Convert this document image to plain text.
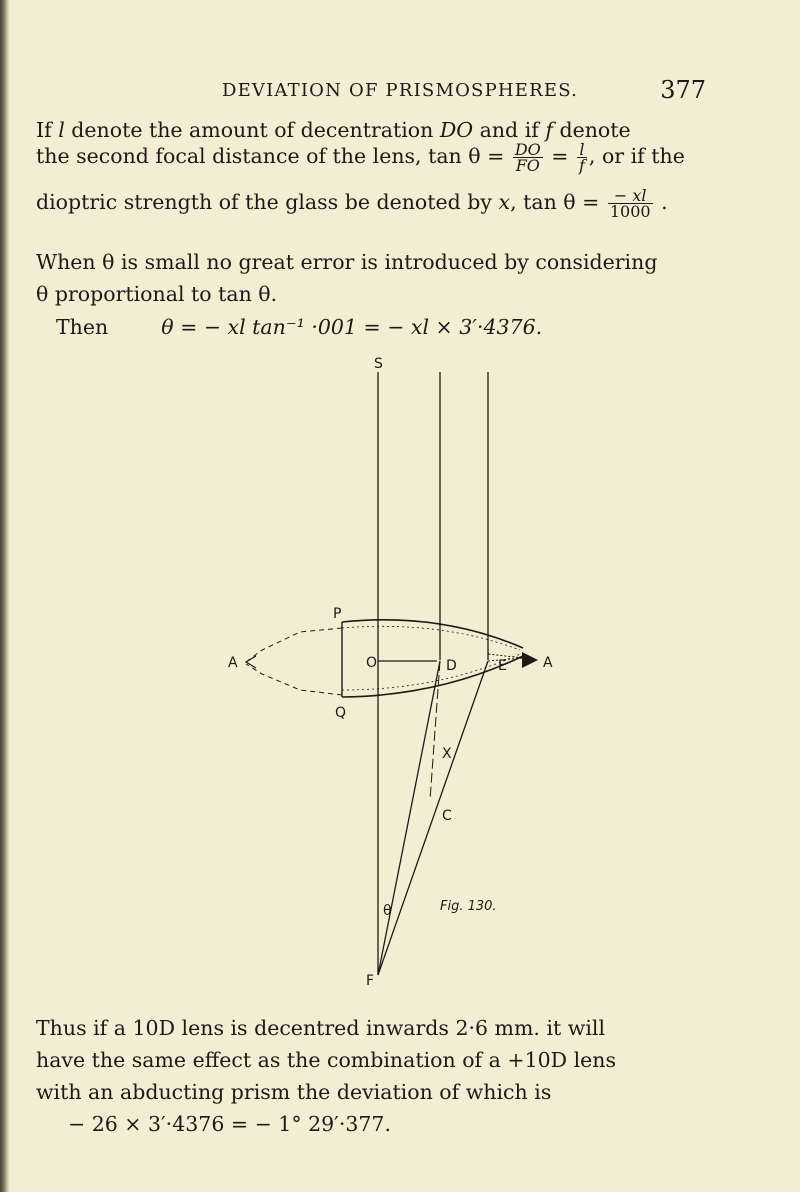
DEVIATION OF PRISMOSPHERES.	377
If l denote the amount of decentration DO and if f denote
the second focal distance of the lens, $\tan \theta = \frac{DO}{FO} = \frac{l}{f}$ , or if the
dioptric strength of the glass be denoted by x, $\tan \theta = \frac{- xl}{1000}$ .
When θ is small no great error is introduced by considering
θ proportional to tan θ.
Then	θ = − xl tan⁻¹ ·001 = − xl × 3′·4376.
S
P
A	O
Q
D	E	A
X
C
θ
F
Fig. 130.
Thus if a 10D lens is decentred inwards 2·6 mm. it will
have the same effect as the combination of a +10D lens
with an abducting prism the deviation of which is
− 26 × 3′·4376 = − 1° 29′·377.
